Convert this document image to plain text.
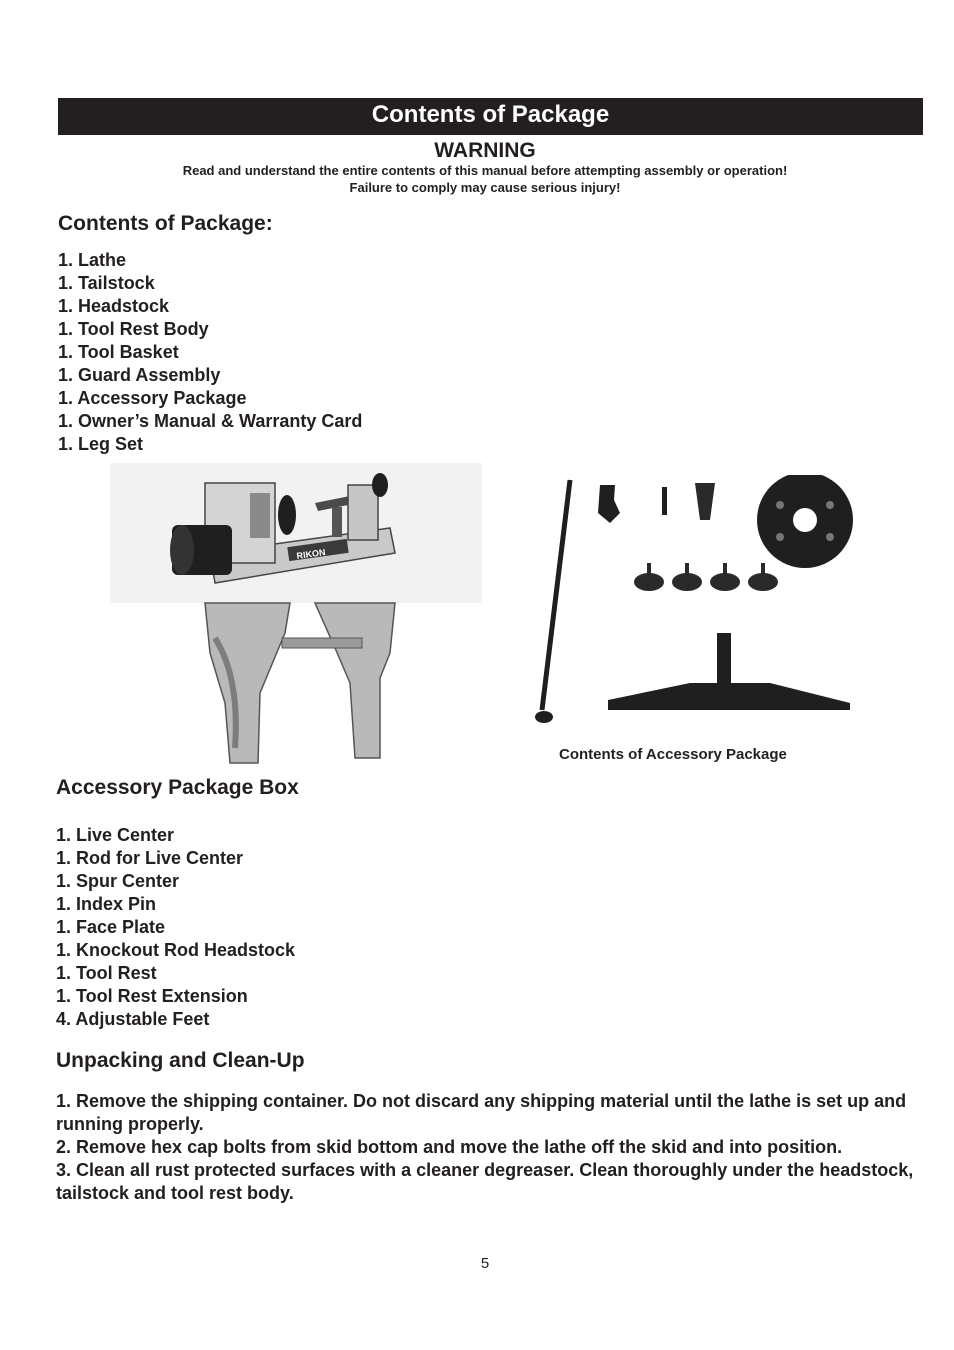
Contents of Package
WARNING
Read and understand the entire contents of this manual before attempting assembly or operation!
Failure to comply may cause serious injury!
Contents of Package:
1. Lathe
1. Tailstock
1. Headstock
1. Tool Rest Body
1. Tool Basket
1. Guard Assembly
1. Accessory Package
1. Owner’s Manual & Warranty Card
1. Leg Set
RIKON
Contents of Accessory Package
Accessory Package Box
1. Live Center
1. Rod for Live Center
1. Spur Center
1. Index Pin
1. Face Plate
1. Knockout Rod Headstock
1. Tool Rest
1. Tool Rest Extension
4. Adjustable Feet
Unpacking and Clean-Up
1. Remove the shipping container. Do not discard any shipping material until the lathe is set up and running properly.
2. Remove hex cap bolts from skid bottom and move the lathe off the skid and into position.
3. Clean all rust protected surfaces with a cleaner degreaser. Clean thoroughly under the headstock, tailstock and tool rest body.
5
